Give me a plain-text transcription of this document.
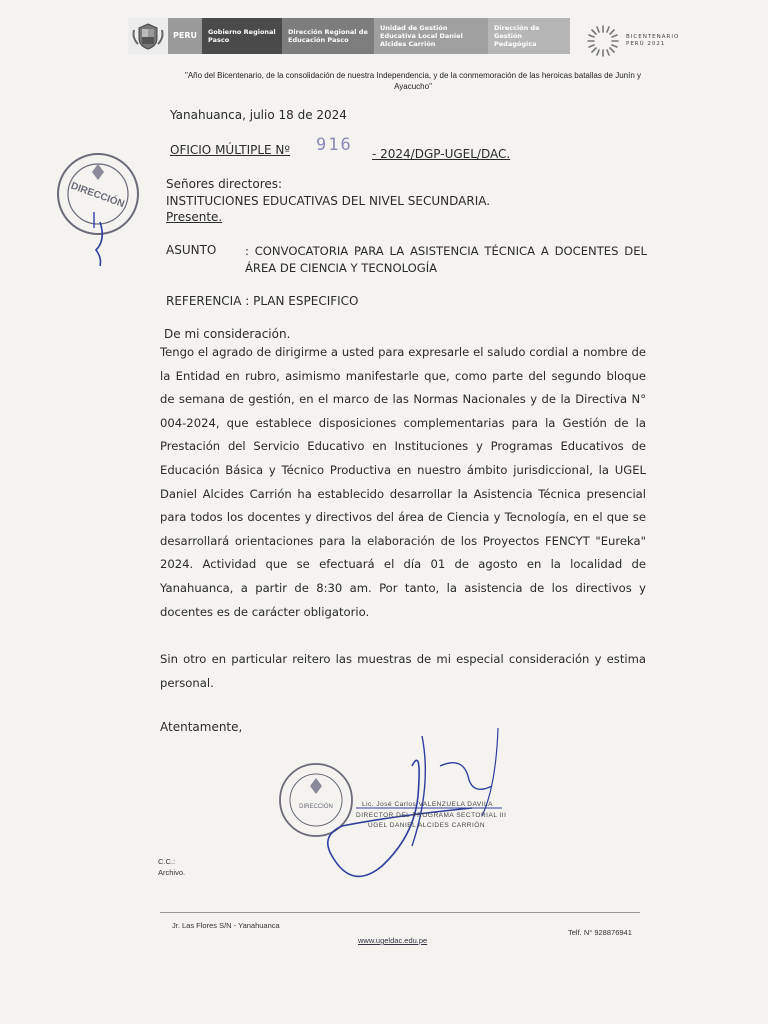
PERU	Gobierno Regional Pasco
Dirección Regional de Educación Pasco
Unidad de Gestión Educativa Local Daniel Alcides Carrión
Dirección de Gestión Pedagógica
BICENTENARIO
PERÚ 2021
"Año del Bicentenario, de la consolidación de nuestra Independencia, y de la conmemoración de las heroicas batallas de Junín y Ayacucho"
DIRECCIÓN
Yanahuanca, julio 18 de 2024
OFICIO MÚLTIPLE Nº 916 - 2024/DGP-UGEL/DAC.
Señores directores:
INSTITUCIONES EDUCATIVAS DEL NIVEL SECUNDARIA.
Presente.
ASUNTO : CONVOCATORIA PARA LA ASISTENCIA TÉCNICA A DOCENTES DEL ÁREA DE CIENCIA Y TECNOLOGÍA
REFERENCIA : PLAN ESPECIFICO
De mi consideración.
Tengo el agrado de dirigirme a usted para expresarle el saludo cordial a nombre de la Entidad en rubro, asimismo manifestarle que, como parte del segundo bloque de semana de gestión, en el marco de las Normas Nacionales y de la Directiva N° 004-2024, que establece disposiciones complementarias para la Gestión de la Prestación del Servicio Educativo en Instituciones y Programas Educativos de Educación Básica y Técnico Productiva en nuestro ámbito jurisdiccional, la UGEL Daniel Alcides Carrión ha establecido desarrollar la Asistencia Técnica presencial para todos los docentes y directivos del área de Ciencia y Tecnología, en el que se desarrollará orientaciones para la elaboración de los Proyectos FENCYT "Eureka" 2024. Actividad que se efectuará el día 01 de agosto en la localidad de Yanahuanca, a partir de 8:30 am. Por tanto, la asistencia de los directivos y docentes es de carácter obligatorio.
Sin otro en particular reitero las muestras de mi especial consideración y estima personal.
Atentamente,
DIRECCIÓN	Lic. José Carlos VALENZUELA DAVILA
DIRECTOR DEL PROGRAMA SECTORIAL III
UGEL DANIEL ALCIDES CARRIÓN
C.C.:
Archivo.
Jr. Las Flores S/N - Yanahuanca
Telf. N° 928876941
www.ugeldac.edu.pe
